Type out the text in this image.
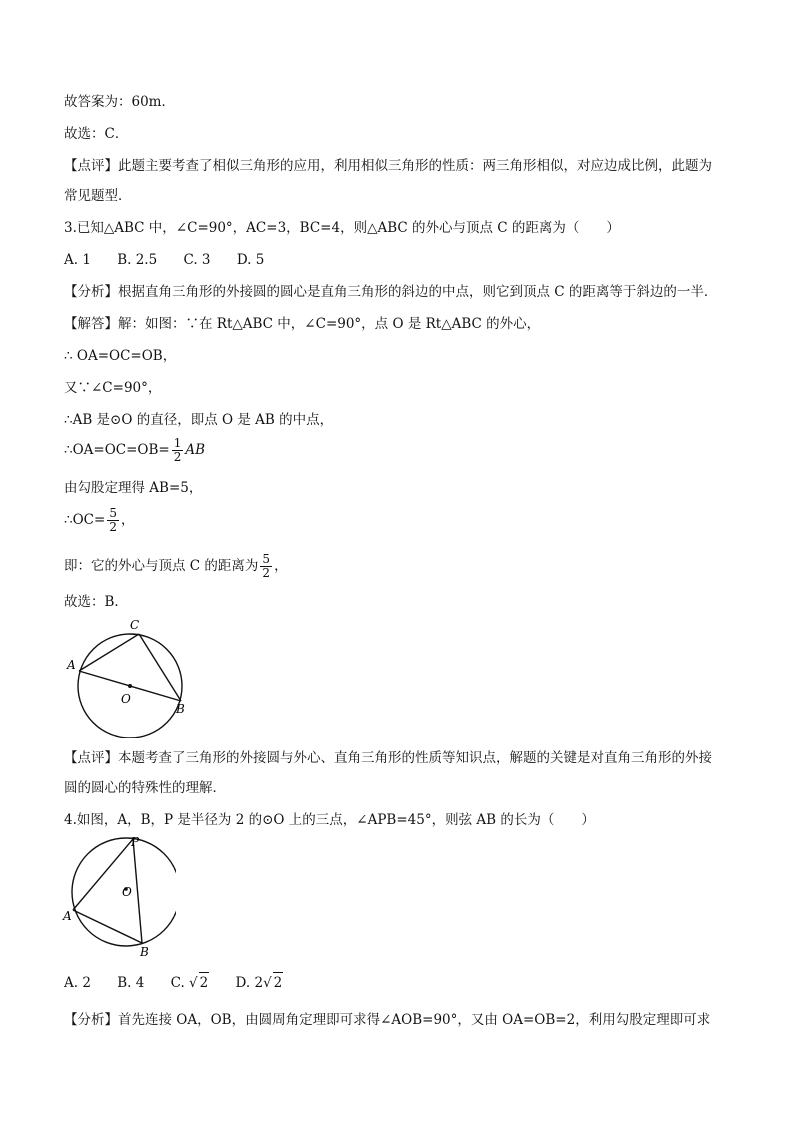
故答案为：60m．
故选：C．
【点评】此题主要考查了相似三角形的应用，利用相似三角形的性质：两三角形相似，对应边成比例，此题为
常见题型．
3.已知△ABC 中，∠C=90°，AC=3，BC=4，则△ABC 的外心与顶点 C 的距离为（　　）
A. 1 B. 2.5 C. 3 D. 5
【分析】根据直角三角形的外接圆的圆心是直角三角形的斜边的中点，则它到顶点 C 的距离等于斜边的一半．
【解答】解：如图：∵在 Rt△ABC 中，∠C=90°，点 O 是 Rt△ABC 的外心，
∴ OA=OC=OB，
又∵∠C=90°，
∴AB 是⊙O 的直径，即点 O 是 AB 的中点，
∴OA=OC=OB= $\frac{1}{2}$ AB
由勾股定理得 AB=5，
∴OC= $\frac{5}{2}$ ，
即：它的外心与顶点 C 的距离为 $\frac{5}{2}$ ，
故选：B．
C
A
O
B
【点评】本题考查了三角形的外接圆与外心、直角三角形的性质等知识点，解题的关键是对直角三角形的外接
圆的圆心的特殊性的理解．
4.如图，A，B，P 是半径为 2 的⊙O 上的三点，∠APB=45°，则弦 AB 的长为（　　）
P
O
A
B
A. 2 B. 4 C. √ 2 D. 2√ 2
【分析】首先连接 OA，OB，由圆周角定理即可求得∠AOB=90°，又由 OA=OB=2，利用勾股定理即可求
